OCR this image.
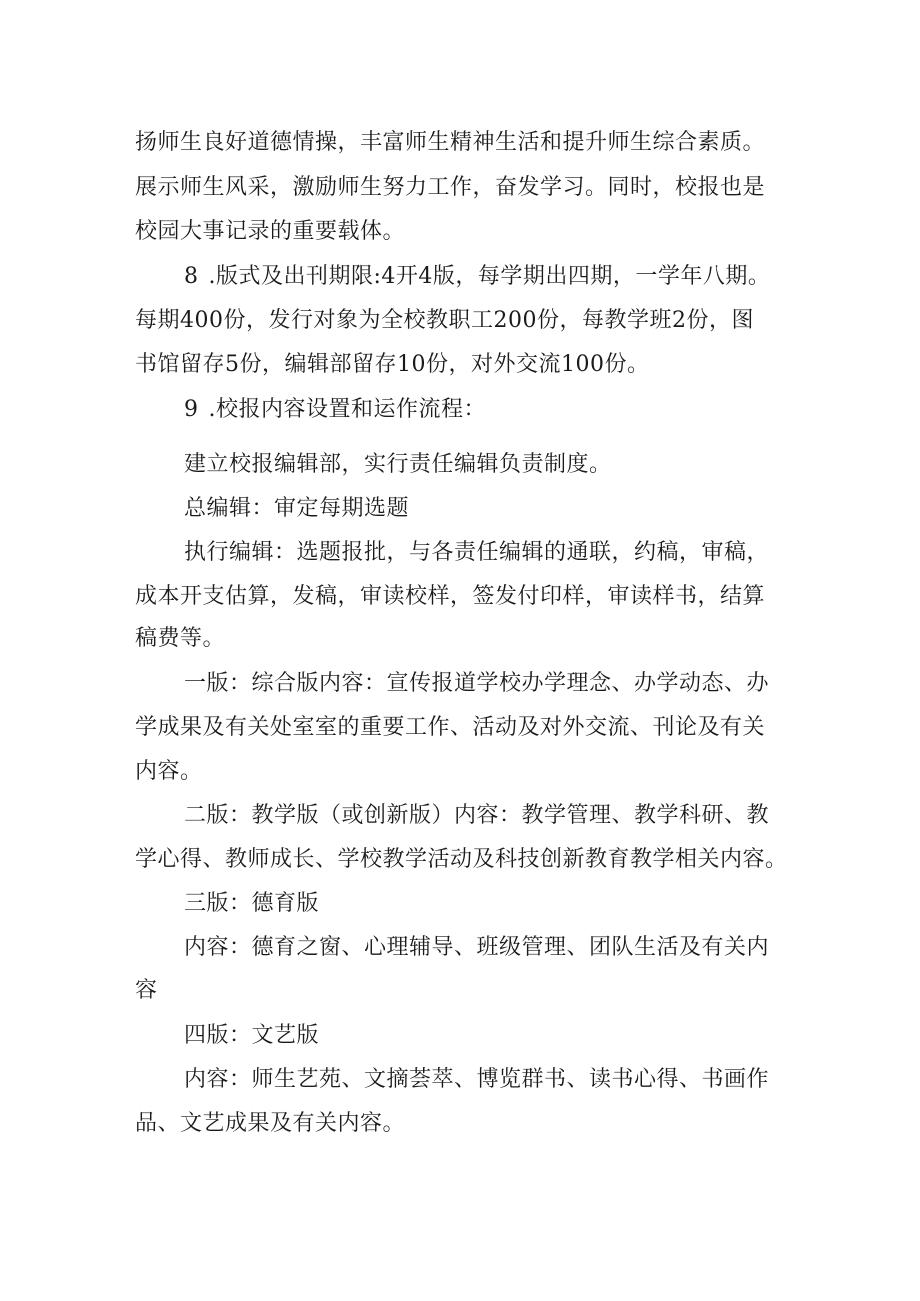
扬师生良好道德情操，丰富师生精神生活和提升师生综合素质。

展示师生风采，激励师生努力工作，奋发学习。同时，校报也是

校园大事记录的重要载体。

8 .版式及出刊期限:4开4版，每学期出四期，一学年八期。

每期400份，发行对象为全校教职工200份，每教学班2份，图

书馆留存5份，编辑部留存10份，对外交流100份。

9 .校报内容设置和运作流程：

建立校报编辑部，实行责任编辑负责制度。

总编辑：审定每期选题

执行编辑：选题报批，与各责任编辑的通联，约稿，审稿，

成本开支估算，发稿，审读校样，签发付印样，审读样书，结算

稿费等。

一版：综合版内容：宣传报道学校办学理念、办学动态、办

学成果及有关处室室的重要工作、活动及对外交流、刊论及有关

内容。

二版：教学版（或创新版）内容：教学管理、教学科研、教

学心得、教师成长、学校教学活动及科技创新教育教学相关内容。

三版：德育版

内容：德育之窗、心理辅导、班级管理、团队生活及有关内

容

四版：文艺版

内容：师生艺苑、文摘荟萃、博览群书、读书心得、书画作

品、文艺成果及有关内容。
